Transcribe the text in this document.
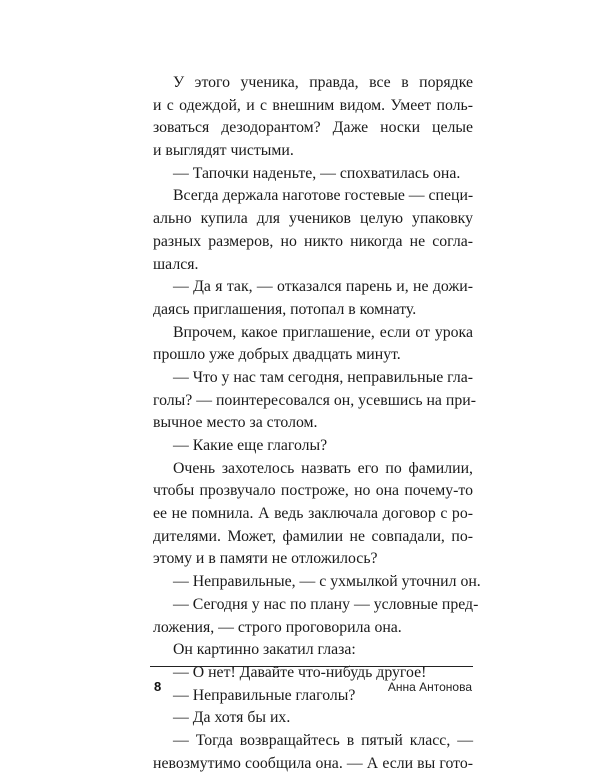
У этого ученика, правда, все в порядке
и с одеждой, и с внешним видом. Умеет поль-
зоваться дезодорантом? Даже носки целые
и выглядят чистыми.
— Тапочки наденьте, — спохватилась она.
Всегда держала наготове гостевые — специ-
ально купила для учеников целую упаковку
разных размеров, но никто никогда не согла-
шался.
— Да я так, — отказался парень и, не дожи-
даясь приглашения, потопал в комнату.
Впрочем, какое приглашение, если от урока
прошло уже добрых двадцать минут.
— Что у нас там сегодня, неправильные гла-
голы? — поинтересовался он, усевшись на при-
вычное место за столом.
— Какие еще глаголы?
Очень захотелось назвать его по фамилии,
чтобы прозвучало построже, но она почему-то
ее не помнила. А ведь заключала договор с ро-
дителями. Может, фамилии не совпадали, по-
этому и в памяти не отложилось?
— Неправильные, — с ухмылкой уточнил он.
— Сегодня у нас по плану — условные пред-
ложения, — строго проговорила она.
Он картинно закатил глаза:
— О нет! Давайте что-нибудь другое!
— Неправильные глаголы?
— Да хотя бы их.
— Тогда возвращайтесь в пятый класс, —
невозмутимо сообщила она. — А если вы гото-
8	Анна Антонова
